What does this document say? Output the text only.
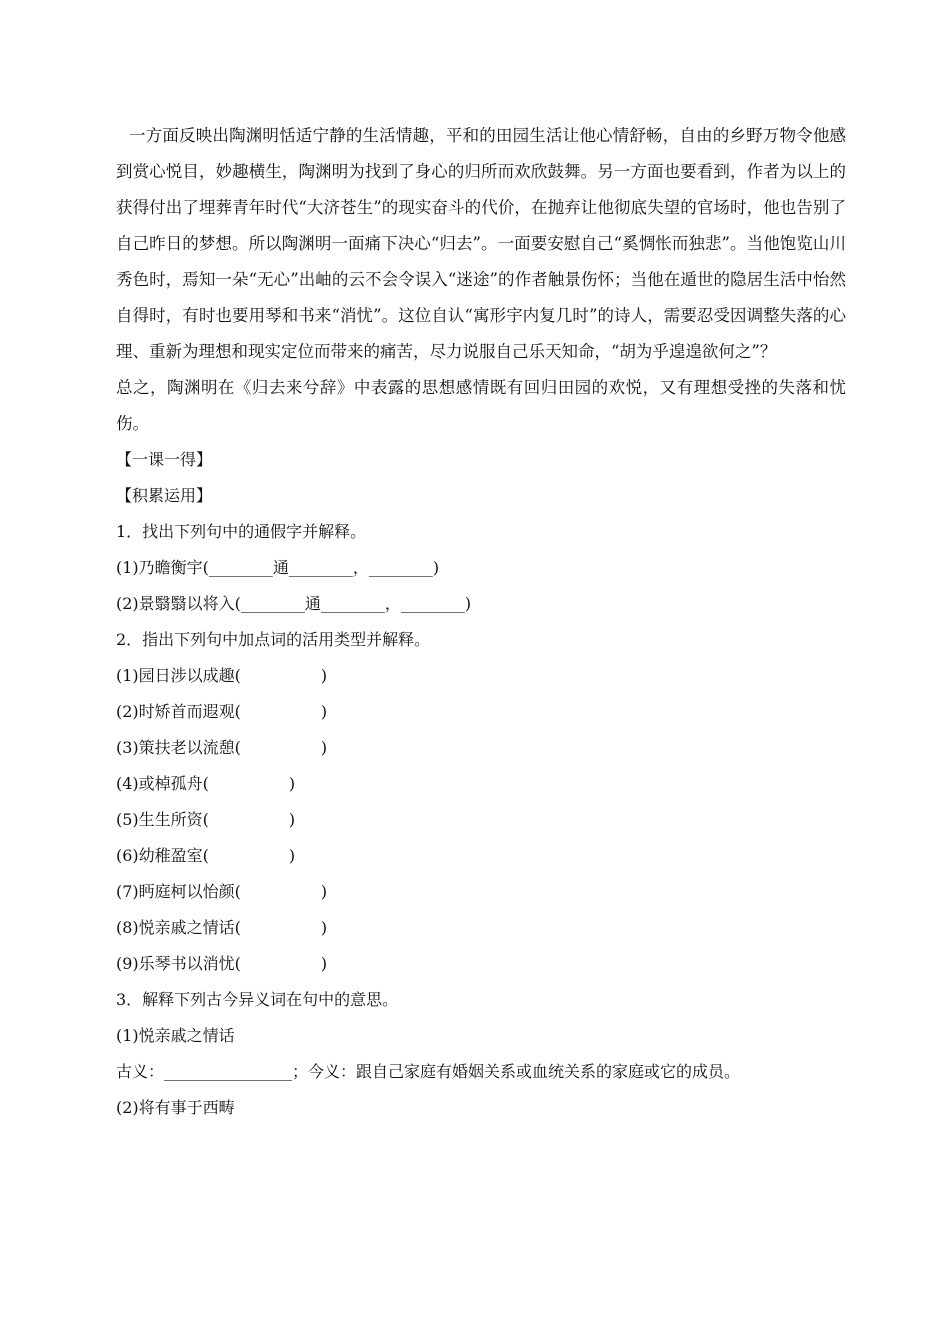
一方面反映出陶渊明恬适宁静的生活情趣，平和的田园生活让他心情舒畅，自由的乡野万物令他感到赏心悦目，妙趣横生，陶渊明为找到了身心的归所而欢欣鼓舞。另一方面也要看到，作者为以上的获得付出了埋葬青年时代“大济苍生”的现实奋斗的代价，在抛弃让他彻底失望的官场时，他也告别了自己昨日的梦想。所以陶渊明一面痛下决心“归去”。一面要安慰自己“奚惆怅而独悲”。当他饱览山川秀色时，焉知一朵“无心”出岫的云不会令误入“迷途”的作者触景伤怀；当他在遁世的隐居生活中怡然自得时，有时也要用琴和书来“消忧”。这位自认“寓形宇内复几时”的诗人，需要忍受因调整失落的心理、重新为理想和现实定位而带来的痛苦，尽力说服自己乐天知命，“胡为乎遑遑欲何之”？

总之，陶渊明在《归去来兮辞》中表露的思想感情既有回归田园的欢悦，又有理想受挫的失落和忧伤。

【一课一得】

【积累运用】

1．找出下列句中的通假字并解释。

(1)乃瞻衡宇(________通________，________)

(2)景翳翳以将入(________通________，________)

2．指出下列句中加点词的活用类型并解释。

(1)园日涉以成趣(　　　　　)

(2)时矫首而遐观(　　　　　)

(3)策扶老以流憩(　　　　　)

(4)或棹孤舟(　　　　　)

(5)生生所资(　　　　　)

(6)幼稚盈室(　　　　　)

(7)眄庭柯以怡颜(　　　　　)

(8)悦亲戚之情话(　　　　　)

(9)乐琴书以消忧(　　　　　)

3．解释下列古今异义词在句中的意思。

(1)悦亲戚之情话

古义：________________；今义：跟自己家庭有婚姻关系或血统关系的家庭或它的成员。

(2)将有事于西畴
